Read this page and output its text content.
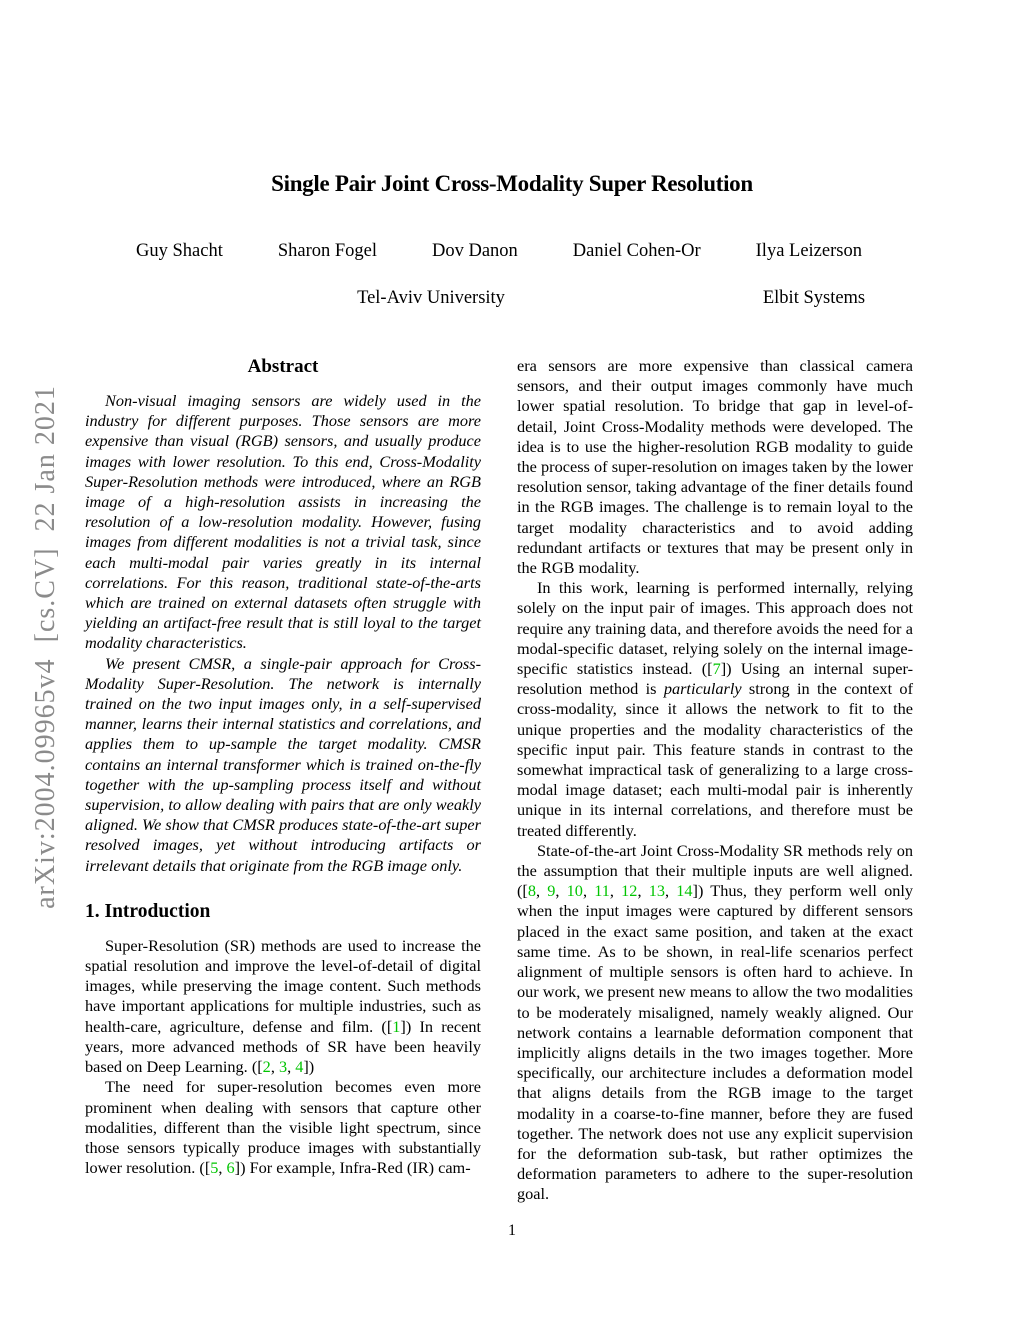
arXiv:2004.09965v4  [cs.CV]  22 Jan 2021
Single Pair Joint Cross-Modality Super Resolution
Guy Shacht	Sharon Fogel	Dov Danon	Daniel Cohen-Or	Ilya Leizerson
Tel-Aviv University	Elbit Systems
Abstract

Non-visual imaging sensors are widely used in the industry for different purposes. Those sensors are more expensive than visual (RGB) sensors, and usually produce images with lower resolution. To this end, Cross-Modality Super-Resolution methods were introduced, where an RGB image of a high-resolution assists in increasing the resolution of a low-resolution modality. However, fusing images from different modalities is not a trivial task, since each multi-modal pair varies greatly in its internal correlations. For this reason, traditional state-of-the-arts which are trained on external datasets often struggle with yielding an artifact-free result that is still loyal to the target modality characteristics.

We present CMSR, a single-pair approach for Cross-Modality Super-Resolution. The network is internally trained on the two input images only, in a self-supervised manner, learns their internal statistics and correlations, and applies them to up-sample the target modality. CMSR contains an internal transformer which is trained on-the-fly together with the up-sampling process itself and without supervision, to allow dealing with pairs that are only weakly aligned. We show that CMSR produces state-of-the-art super resolved images, yet without introducing artifacts or irrelevant details that originate from the RGB image only.

1. Introduction

Super-Resolution (SR) methods are used to increase the spatial resolution and improve the level-of-detail of digital images, while preserving the image content. Such methods have important applications for multiple industries, such as health-care, agriculture, defense and film. ([1]) In recent years, more advanced methods of SR have been heavily based on Deep Learning. ([2, 3, 4])

The need for super-resolution becomes even more prominent when dealing with sensors that capture other modalities, different than the visible light spectrum, since those sensors typically produce images with substantially lower resolution. ([5, 6]) For example, Infra-Red (IR) cam-

era sensors are more expensive than classical camera sensors, and their output images commonly have much lower spatial resolution. To bridge that gap in level-of-detail, Joint Cross-Modality methods were developed. The idea is to use the higher-resolution RGB modality to guide the process of super-resolution on images taken by the lower resolution sensor, taking advantage of the finer details found in the RGB images. The challenge is to remain loyal to the target modality characteristics and to avoid adding redundant artifacts or textures that may be present only in the RGB modality.

In this work, learning is performed internally, relying solely on the input pair of images. This approach does not require any training data, and therefore avoids the need for a modal-specific dataset, relying solely on the internal image-specific statistics instead. ([7]) Using an internal super-resolution method is particularly strong in the context of cross-modality, since it allows the network to fit to the unique properties and the modality characteristics of the specific input pair. This feature stands in contrast to the somewhat impractical task of generalizing to a large cross-modal image dataset; each multi-modal pair is inherently unique in its internal correlations, and therefore must be treated differently.

State-of-the-art Joint Cross-Modality SR methods rely on the assumption that their multiple inputs are well aligned. ([8, 9, 10, 11, 12, 13, 14]) Thus, they perform well only when the input images were captured by different sensors placed in the exact same position, and taken at the exact same time. As to be shown, in real-life scenarios perfect alignment of multiple sensors is often hard to achieve. In our work, we present new means to allow the two modalities to be moderately misaligned, namely weakly aligned. Our network contains a learnable deformation component that implicitly aligns details in the two images together. More specifically, our architecture includes a deformation model that aligns details from the RGB image to the target modality in a coarse-to-fine manner, before they are fused together. The network does not use any explicit supervision for the deformation sub-task, but rather optimizes the deformation parameters to adhere to the super-resolution goal.

1
